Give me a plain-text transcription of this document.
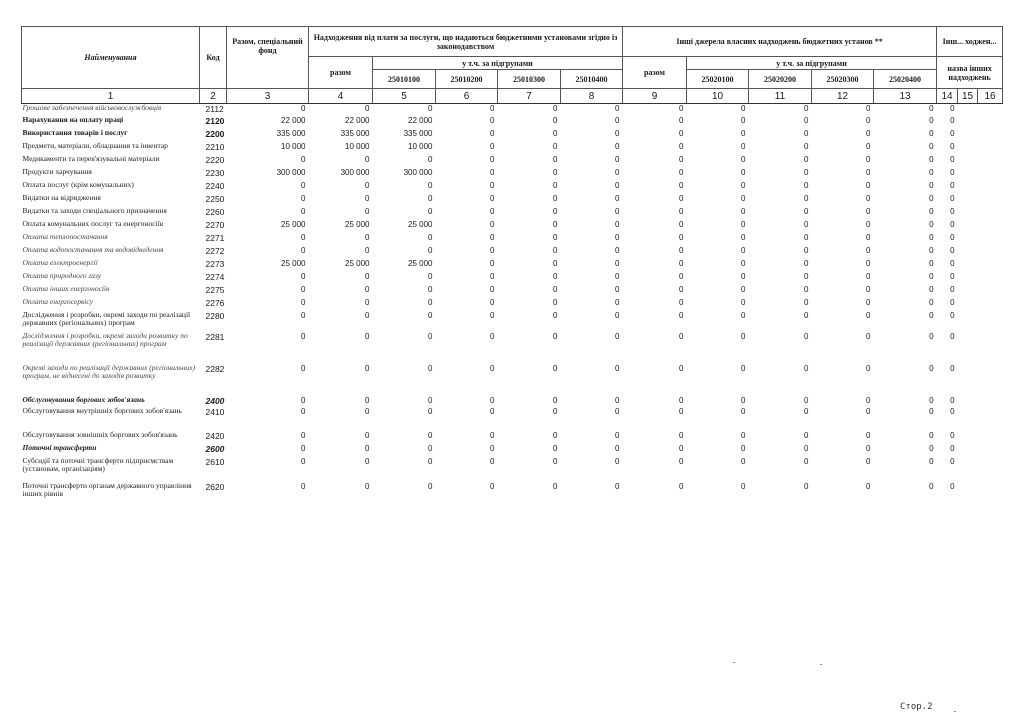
Найменування	Код	Разом, спеціальний фонд	Надходження від плати за послуги, що надаються бюджетними установами згідно із законодавством					Інші джерела власних надходжень бюджетних установ **					Інш... ходжен...		
			разом	у т.ч. за підгрупами				разом	у т.ч. за підгрупами				назва інших надходжень		
				25010100	25010200	25010300	25010400		25020100	25020200	25020300	25020400			
1	2	3	4	5	6	7	8	9	10	11	12	13	14	15	16
Грошове забезпечення військовослужбовців	2112	0	0	0	0	0	0	0	0	0	0	0	0		
Нарахування на оплату праці	2120	22 000	22 000	22 000	0	0	0	0	0	0	0	0	0		
Використання товарів і послуг	2200	335 000	335 000	335 000	0	0	0	0	0	0	0	0	0		
Предмети, матеріали, обладнання та інвентар	2210	10 000	10 000	10 000	0	0	0	0	0	0	0	0	0		
Медикаменти та перев'язувальні матеріали	2220	0	0	0	0	0	0	0	0	0	0	0	0		
Продукти харчування	2230	300 000	300 000	300 000	0	0	0	0	0	0	0	0	0		
Оплата послуг (крім комунальних)	2240	0	0	0	0	0	0	0	0	0	0	0	0		
Видатки на відрядження	2250	0	0	0	0	0	0	0	0	0	0	0	0		
Видатки та заходи спеціального призначення	2260	0	0	0	0	0	0	0	0	0	0	0	0		
Оплата комунальних послуг та енергоносіїв	2270	25 000	25 000	25 000	0	0	0	0	0	0	0	0	0		
Оплата теплопостачання	2271	0	0	0	0	0	0	0	0	0	0	0	0		
Оплата водопостачання та водовідведення	2272	0	0	0	0	0	0	0	0	0	0	0	0		
Оплата електроенергії	2273	25 000	25 000	25 000	0	0	0	0	0	0	0	0	0		
Оплата природного газу	2274	0	0	0	0	0	0	0	0	0	0	0	0		
Оплата інших енергоносіїв	2275	0	0	0	0	0	0	0	0	0	0	0	0		
Оплата енергосервісу	2276	0	0	0	0	0	0	0	0	0	0	0	0		
Дослідження і розробки, окремі заходи по реалізації державних (регіональних) програм	2280	0	0	0	0	0	0	0	0	0	0	0	0		
Дослідження і розробки, окремі заходи розвитку по реалізації державних (регіональних) програм	2281	0	0	0	0	0	0	0	0	0	0	0	0		
Окремі заходи по реалізації державних (регіональних) програм, не віднесені до заходів розвитку	2282	0	0	0	0	0	0	0	0	0	0	0	0		
Обслуговування боргових зобов'язань	2400	0	0	0	0	0	0	0	0	0	0	0	0		
Обслуговування внутрішніх боргових зобов'язань	2410	0	0	0	0	0	0	0	0	0	0	0	0		
Обслуговування зовнішніх боргових зобов'язань	2420	0	0	0	0	0	0	0	0	0	0	0	0		
Поточні трансферти	2600	0	0	0	0	0	0	0	0	0	0	0	0		
Субсидії та поточні трансферти підприємствам (установам, організаціям)	2610	0	0	0	0	0	0	0	0	0	0	0	0		
Поточні трансферти органам державного управління інших рівнів	2620	0	0	0	0	0	0	0	0	0	0	0	0		
Стор.2
